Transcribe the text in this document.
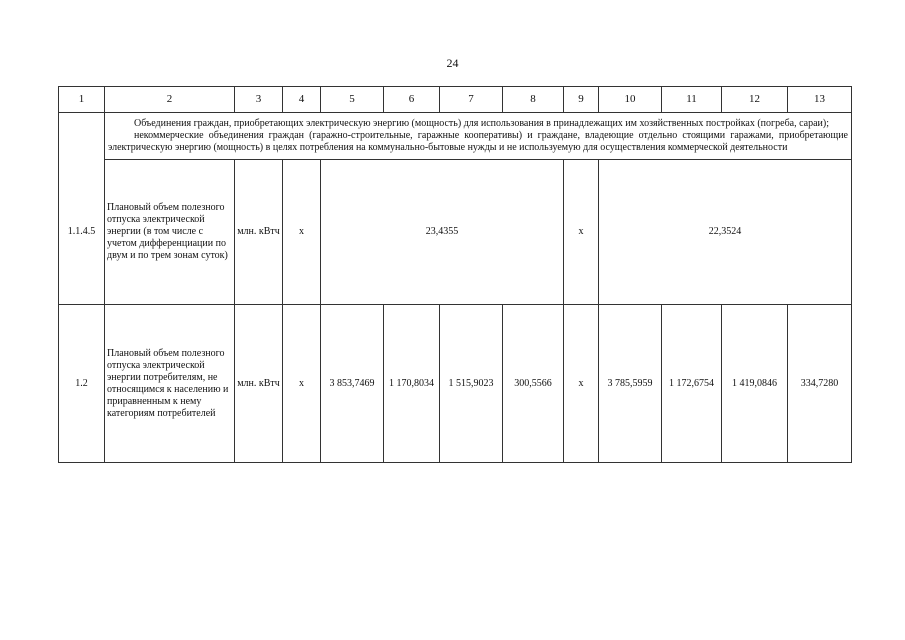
24
1	2	3	4	5	6	7	8	9	10	11	12	13

	Объединения граждан, приобретающих электрическую энергию (мощность) для использования в принадлежащих им хозяйственных постройках (погреба, сараи);

некоммерческие объединения граждан (гаражно-строительные, гаражные кооперативы) и граждане, владеющие отдельно стоящими гаражами, приобретающие электрическую энергию (мощность) в целях потребления на коммунально-бытовые нужды и не используемую для осуществления коммерческой деятельности											

1.1.4.5	Плановый объем полезного отпуска электрической энергии (в том числе с учетом дифференциации по двум и по трем зонам суток)	млн. кВтч	х	23,4355				х	22,3524			
1.2	Плановый объем полезного отпуска электрической энергии потребителям, не относящимся к населению и приравненным к нему категориям потребителей	млн. кВтч	х	3 853,7469	1 170,8034	1 515,9023	300,5566	х	3 785,5959	1 172,6754	1 419,0846	334,7280
